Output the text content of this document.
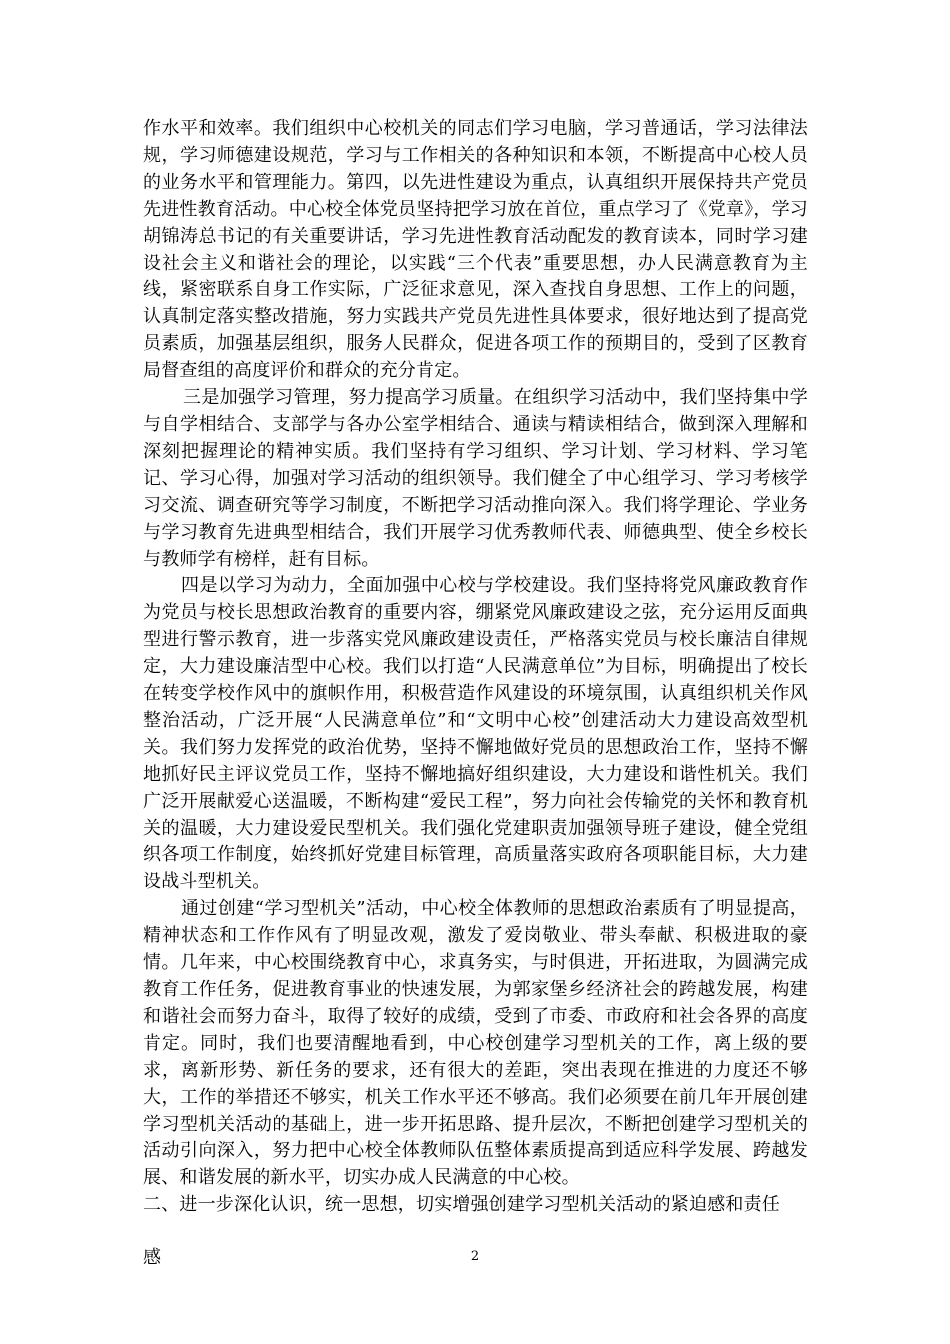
作水平和效率。我们组织中心校机关的同志们学习电脑，学习普通话，学习法律法规，学习师德建设规范，学习与工作相关的各种知识和本领，不断提高中心校人员的业务水平和管理能力。第四，以先进性建设为重点，认真组织开展保持共产党员先进性教育活动。中心校全体党员坚持把学习放在首位，重点学习了《党章》，学习胡锦涛总书记的有关重要讲话，学习先进性教育活动配发的教育读本，同时学习建设社会主义和谐社会的理论，以实践“三个代表”重要思想，办人民满意教育为主线，紧密联系自身工作实际，广泛征求意见，深入查找自身思想、工作上的问题，认真制定落实整改措施，努力实践共产党员先进性具体要求，很好地达到了提高党员素质，加强基层组织，服务人民群众，促进各项工作的预期目的，受到了区教育局督查组的高度评价和群众的充分肯定。

三是加强学习管理，努力提高学习质量。在组织学习活动中，我们坚持集中学与自学相结合、支部学与各办公室学相结合、通读与精读相结合，做到深入理解和深刻把握理论的精神实质。我们坚持有学习组织、学习计划、学习材料、学习笔记、学习心得，加强对学习活动的组织领导。我们健全了中心组学习、学习考核学习交流、调查研究等学习制度，不断把学习活动推向深入。我们将学理论、学业务与学习教育先进典型相结合，我们开展学习优秀教师代表、师德典型、使全乡校长与教师学有榜样，赶有目标。

四是以学习为动力，全面加强中心校与学校建设。我们坚持将党风廉政教育作为党员与校长思想政治教育的重要内容，绷紧党风廉政建设之弦，充分运用反面典型进行警示教育，进一步落实党风廉政建设责任，严格落实党员与校长廉洁自律规定，大力建设廉洁型中心校。我们以打造“人民满意单位”为目标，明确提出了校长在转变学校作风中的旗帜作用，积极营造作风建设的环境氛围，认真组织机关作风整治活动，广泛开展“人民满意单位”和“文明中心校”创建活动大力建设高效型机关。我们努力发挥党的政治优势，坚持不懈地做好党员的思想政治工作，坚持不懈地抓好民主评议党员工作，坚持不懈地搞好组织建设，大力建设和谐性机关。我们广泛开展献爱心送温暖，不断构建“爱民工程”，努力向社会传输党的关怀和教育机关的温暖，大力建设爱民型机关。我们强化党建职责加强领导班子建设，健全党组织各项工作制度，始终抓好党建目标管理，高质量落实政府各项职能目标，大力建设战斗型机关。

通过创建“学习型机关”活动，中心校全体教师的思想政治素质有了明显提高，精神状态和工作作风有了明显改观，激发了爱岗敬业、带头奉献、积极进取的豪情。几年来，中心校围绕教育中心，求真务实，与时俱进，开拓进取，为圆满完成教育工作任务，促进教育事业的快速发展，为郭家堡乡经济社会的跨越发展，构建和谐社会而努力奋斗，取得了较好的成绩，受到了市委、市政府和社会各界的高度肯定。同时，我们也要清醒地看到，中心校创建学习型机关的工作，离上级的要求，离新形势、新任务的要求，还有很大的差距，突出表现在推进的力度还不够大，工作的举措还不够实，机关工作水平还不够高。我们必须要在前几年开展创建学习型机关活动的基础上，进一步开拓思路、提升层次，不断把创建学习型机关的活动引向深入，努力把中心校全体教师队伍整体素质提高到适应科学发展、跨越发展、和谐发展的新水平，切实办成人民满意的中心校。

二、进一步深化认识，统一思想，切实增强创建学习型机关活动的紧迫感和责任

感	2
